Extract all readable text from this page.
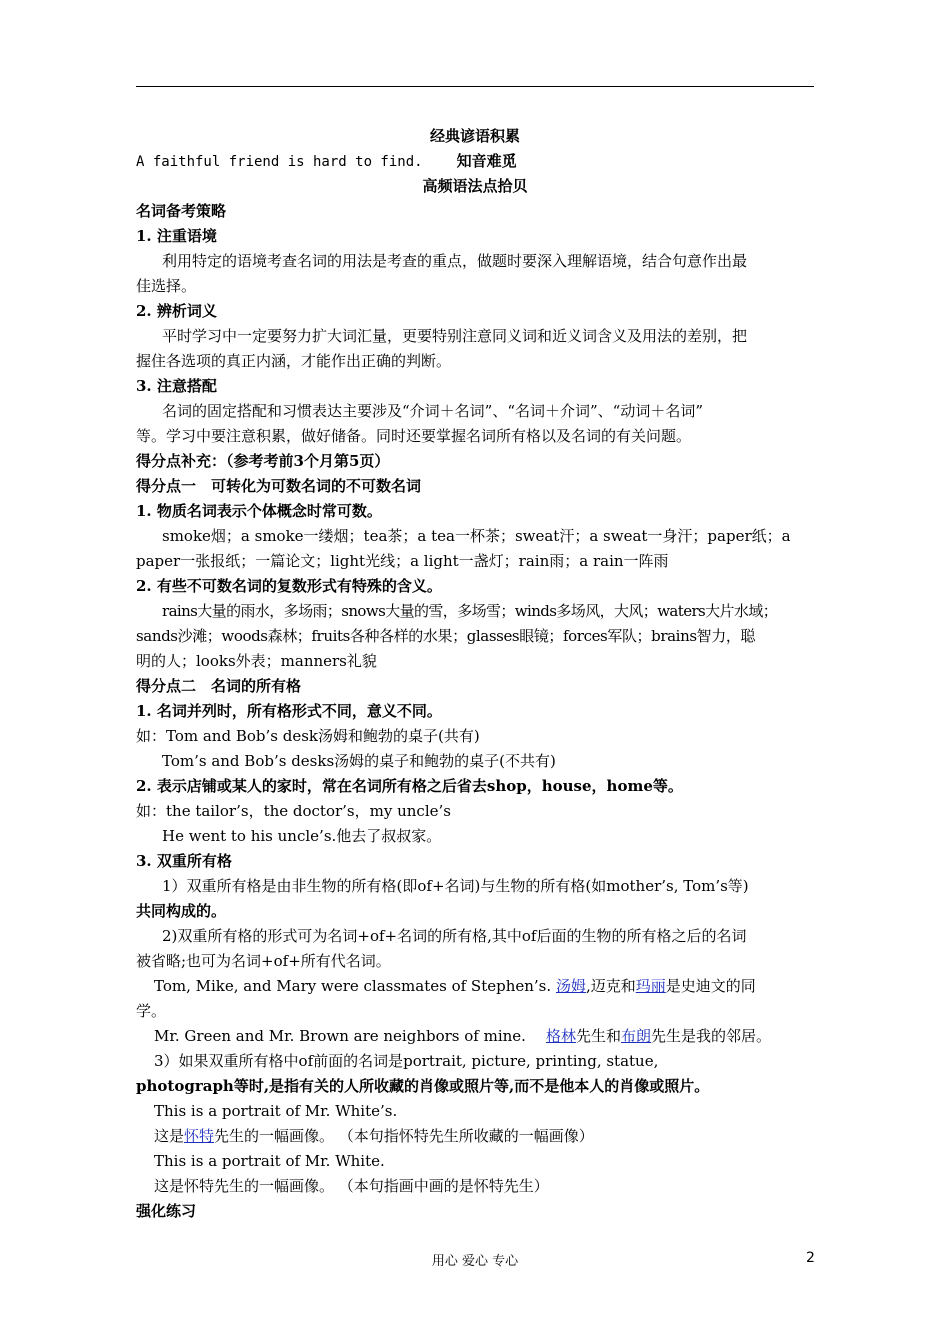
经典谚语积累
A faithful friend is hard to find. 知音难觅
高频语法点拾贝
名词备考策略
1. 注重语境
利用特定的语境考查名词的用法是考查的重点，做题时要深入理解语境，结合句意作出最
佳选择。
2. 辨析词义
平时学习中一定要努力扩大词汇量，更要特别注意同义词和近义词含义及用法的差别，把
握住各选项的真正内涵，才能作出正确的判断。
3. 注意搭配
名词的固定搭配和习惯表达主要涉及“介词＋名词”、“名词＋介词”、“动词＋名词”
等。学习中要注意积累，做好储备。同时还要掌握名词所有格以及名词的有关问题。
得分点补充：（参考考前3个月第5页）
得分点一　可转化为可数名词的不可数名词
1. 物质名词表示个体概念时常可数。
smoke烟；a smoke一缕烟；tea茶；a tea一杯茶；sweat汗；a sweat一身汗；paper纸；a
paper一张报纸；一篇论文；light光线；a light一盏灯；rain雨；a rain一阵雨
2. 有些不可数名词的复数形式有特殊的含义。
rains大量的雨水，多场雨；snows大量的雪，多场雪；winds多场风，大风；waters大片水域；
sands沙滩；woods森林；fruits各种各样的水果；glasses眼镜；forces军队；brains智力，聪
明的人；looks外表；manners礼貌
得分点二　名词的所有格
1. 名词并列时，所有格形式不同，意义不同。
如：Tom and Bob’s desk汤姆和鲍勃的桌子(共有)
Tom’s and Bob’s desks汤姆的桌子和鲍勃的桌子(不共有)
2. 表示店铺或某人的家时，常在名词所有格之后省去shop，house，home等。
如：the tailor’s，the doctor’s，my uncle’s
He went to his uncle’s.他去了叔叔家。
3. 双重所有格
1）双重所有格是由非生物的所有格(即of+名词)与生物的所有格(如mother’s, Tom’s等)
共同构成的。
2)双重所有格的形式可为名词+of+名词的所有格,其中of后面的生物的所有格之后的名词
被省略;也可为名词+of+所有代名词。
Tom, Mike, and Mary were classmates of Stephen’s. 汤姆,迈克和玛丽是史迪文的同
学。
Mr. Green and Mr. Brown are neighbors of mine. 格林先生和布朗先生是我的邻居。
3）如果双重所有格中of前面的名词是portrait, picture, printing, statue,
photograph等时,是指有关的人所收藏的肖像或照片等,而不是他本人的肖像或照片。
This is a portrait of Mr. White’s.
这是怀特先生的一幅画像。 （本句指怀特先生所收藏的一幅画像）
This is a portrait of Mr. White.
这是怀特先生的一幅画像。 （本句指画中画的是怀特先生）
强化练习
用心 爱心 专心	2
